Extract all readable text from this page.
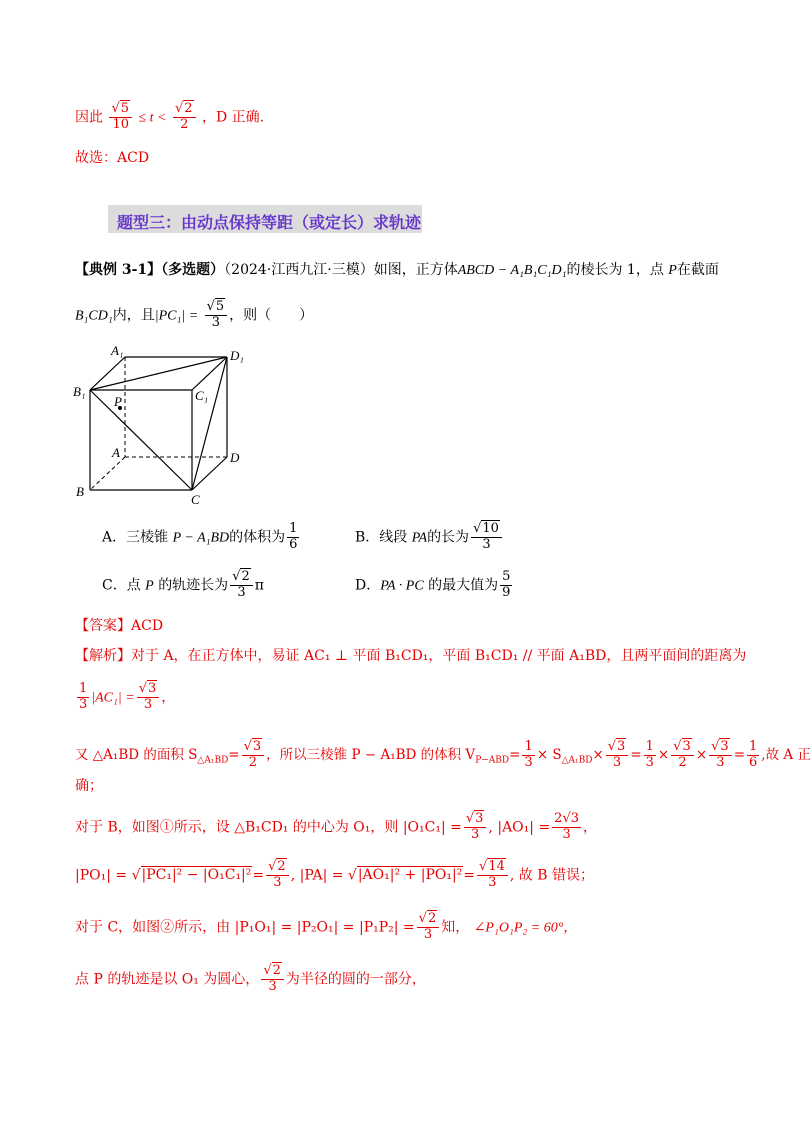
因此 $\frac{√5}{10} \le t < \frac{√2}{2}$ ，D 正确.
故选：ACD
题型三：由动点保持等距（或定长）求轨迹
【典例 3-1】（多选题）（2024·江西九江·三模）如图，正方体ABCD − A₁B₁C₁D₁的棱长为 1，点 P在截面
B₁CD₁内，且$|PC_1| = \frac{√5}{3}$ ，则（　　）
A₁	D₁
B₁	C₁
P
A	D
B
C
A．三棱锥 P − A₁BD的体积为 $\frac{1}{6}$	B．线段 PA的长为 $\frac{√10}{3}$
C．点 P 的轨迹长为 $\frac{√2}{3}$ π	D．PA · PC 的最大值为 $\frac{5}{9}$
【答案】ACD
【解析】对于 A，在正方体中，易证 AC₁ ⊥ 平面 B₁CD₁，平面 B₁CD₁ // 平面 A₁BD，且两平面间的距离为
$\frac{1}{3} |AC_1| = \frac{√3}{3}$ ，
又 △A₁BD 的面积 $S_{\triangle A_1BD}= \frac{√3}{2}$ ，所以三棱锥 P − A₁BD 的体积 $V_{P-ABD}= \frac{1}{3} \times S_{\triangle A_1BD}\times \frac{√3}{3} = \frac{1}{3} \times \frac{√3}{2} \times \frac{√3}{3} = \frac{1}{6}$ ,故 A 正
确；
对于 B，如图①所示，设 △B₁CD₁ 的中心为 O₁，则 $|O_1C_1| = \frac{√3}{3}$ , $|AO_1| = \frac{2√3}{3}$ ，
$|PO_1| = √|PC_1|^2 - |O_1C_1|^2= \frac{√2}{3}$ , $|PA| = √|AO_1|^2 + |PO_1|^2= \frac{√14}{3}$ , 故 B 错误；
对于 C，如图②所示，由 $|P_1O_1| = |P_2O_1| = |P_1P_2| = \frac{√2}{3}$ 知， ∠P₁O₁P₂ = 60°，
点 P 的轨迹是以 O₁ 为圆心， $\frac{√2}{3}$ 为半径的圆的一部分，
